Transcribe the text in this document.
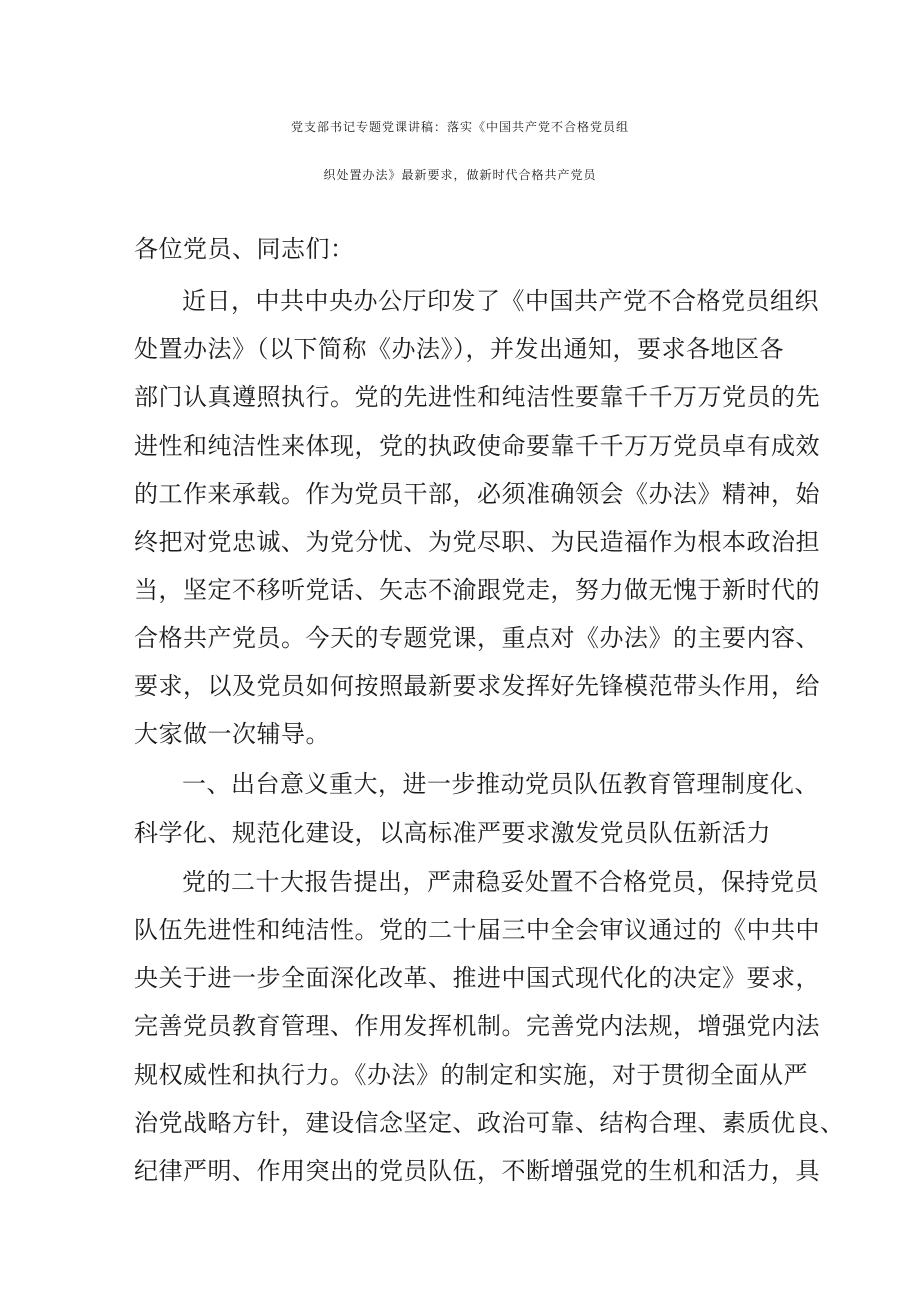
党支部书记专题党课讲稿：落实《中国共产党不合格党员组
织处置办法》最新要求，做新时代合格共产党员
各位党员、同志们：
近日，中共中央办公厅印发了《中国共产党不合格党员组织
处置办法》（以下简称《办法》），并发出通知，要求各地区各
部门认真遵照执行。党的先进性和纯洁性要靠千千万万党员的先
进性和纯洁性来体现，党的执政使命要靠千千万万党员卓有成效
的工作来承载。作为党员干部，必须准确领会《办法》精神，始
终把对党忠诚、为党分忧、为党尽职、为民造福作为根本政治担
当，坚定不移听党话、矢志不渝跟党走，努力做无愧于新时代的
合格共产党员。今天的专题党课，重点对《办法》的主要内容、
要求，以及党员如何按照最新要求发挥好先锋模范带头作用，给
大家做一次辅导。
一、出台意义重大，进一步推动党员队伍教育管理制度化、
科学化、规范化建设，以高标准严要求激发党员队伍新活力
党的二十大报告提出，严肃稳妥处置不合格党员，保持党员
队伍先进性和纯洁性。党的二十届三中全会审议通过的《中共中
央关于进一步全面深化改革、推进中国式现代化的决定》要求，
完善党员教育管理、作用发挥机制。完善党内法规，增强党内法
规权威性和执行力。《办法》的制定和实施，对于贯彻全面从严
治党战略方针，建设信念坚定、政治可靠、结构合理、素质优良、
纪律严明、作用突出的党员队伍，不断增强党的生机和活力，具
